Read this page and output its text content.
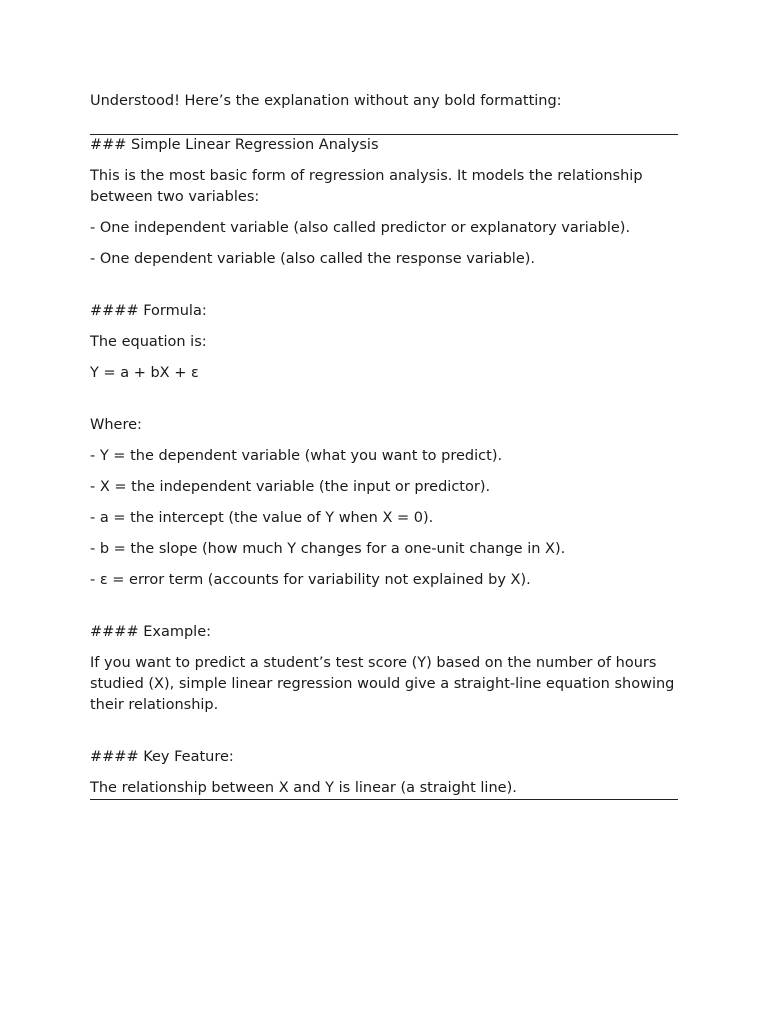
Understood! Here’s the explanation without any bold formatting:

### Simple Linear Regression Analysis

This is the most basic form of regression analysis. It models the relationship between two variables:

- One independent variable (also called predictor or explanatory variable).

- One dependent variable (also called the response variable).

#### Formula:

The equation is:

Y = a + bX + ε

Where:

- Y = the dependent variable (what you want to predict).

- X = the independent variable (the input or predictor).

- a = the intercept (the value of Y when X = 0).

- b = the slope (how much Y changes for a one-unit change in X).

- ε = error term (accounts for variability not explained by X).

#### Example:

If you want to predict a student’s test score (Y) based on the number of hours studied (X), simple linear regression would give a straight-line equation showing their relationship.

#### Key Feature:

The relationship between X and Y is linear (a straight line).
